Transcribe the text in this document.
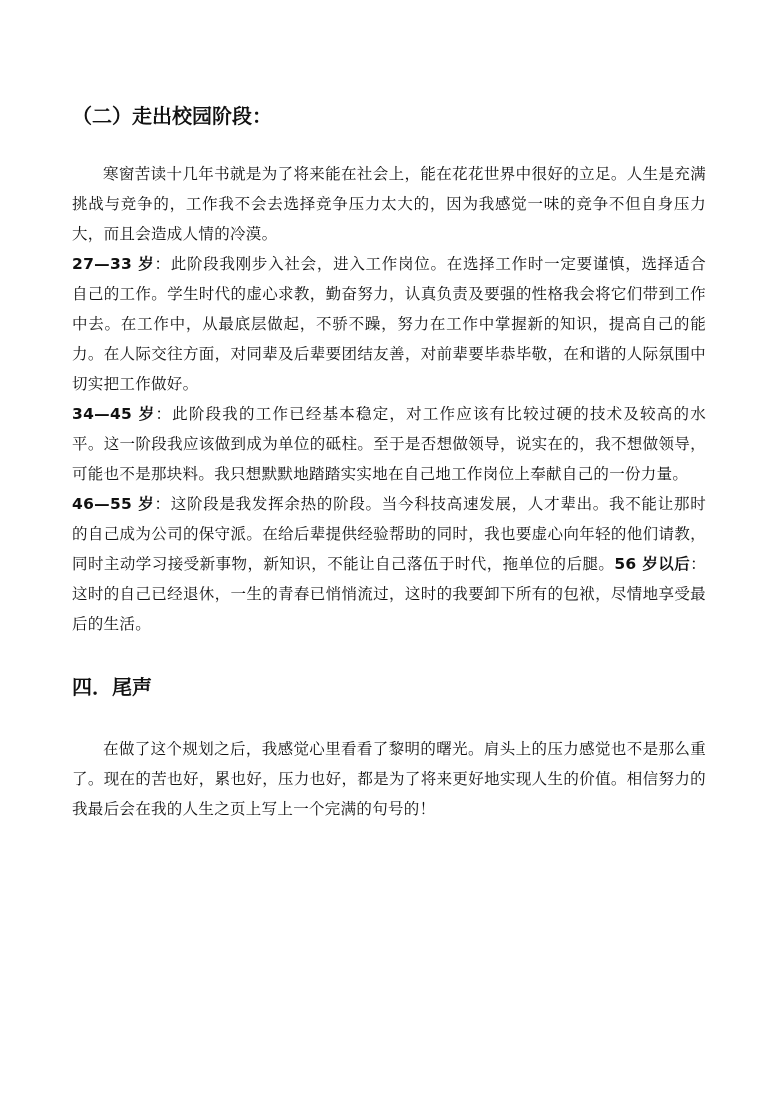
（二）走出校园阶段：

寒窗苦读十几年书就是为了将来能在社会上，能在花花世界中很好的立足。人生是充满挑战与竞争的，工作我不会去选择竞争压力太大的，因为我感觉一味的竞争不但自身压力大，而且会造成人情的冷漠。

27—33 岁：此阶段我刚步入社会，进入工作岗位。在选择工作时一定要谨慎，选择适合自己的工作。学生时代的虚心求教，勤奋努力，认真负责及要强的性格我会将它们带到工作中去。在工作中，从最底层做起，不骄不躁，努力在工作中掌握新的知识，提高自己的能力。在人际交往方面，对同辈及后辈要团结友善，对前辈要毕恭毕敬，在和谐的人际氛围中切实把工作做好。

34—45 岁：此阶段我的工作已经基本稳定，对工作应该有比较过硬的技术及较高的水平。这一阶段我应该做到成为单位的砥柱。至于是否想做领导，说实在的，我不想做领导，可能也不是那块料。我只想默默地踏踏实实地在自己地工作岗位上奉献自己的一份力量。

46—55 岁：这阶段是我发挥余热的阶段。当今科技高速发展，人才辈出。我不能让那时的自己成为公司的保守派。在给后辈提供经验帮助的同时，我也要虚心向年轻的他们请教，同时主动学习接受新事物，新知识，不能让自己落伍于时代，拖单位的后腿。56 岁以后：这时的自己已经退休，一生的青春已悄悄流过，这时的我要卸下所有的包袱，尽情地享受最后的生活。

四．尾声

在做了这个规划之后，我感觉心里看看了黎明的曙光。肩头上的压力感觉也不是那么重了。现在的苦也好，累也好，压力也好，都是为了将来更好地实现人生的价值。相信努力的我最后会在我的人生之页上写上一个完满的句号的！
